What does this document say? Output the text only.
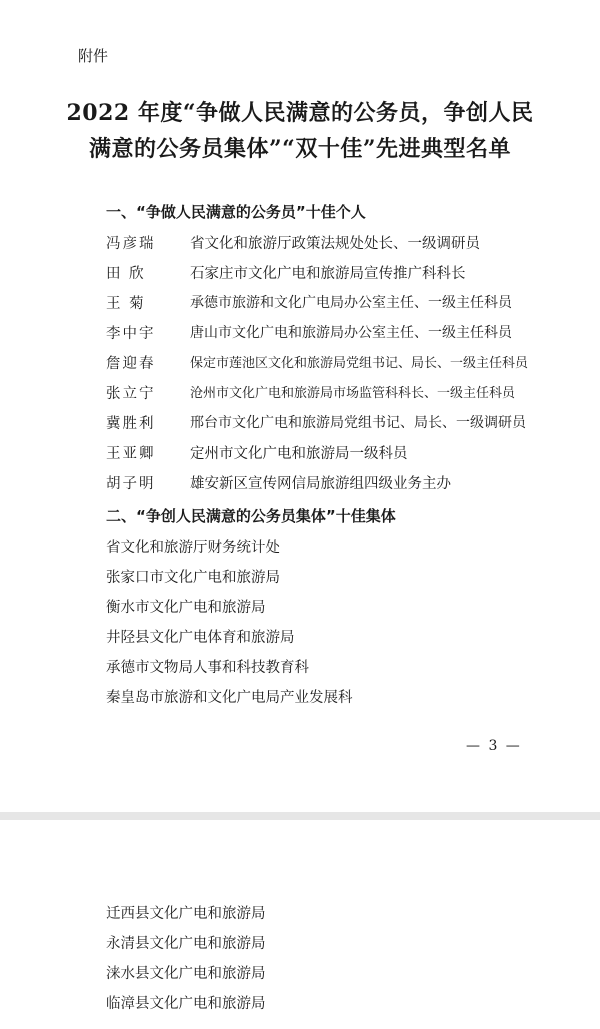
附件
2022 年度“争做人民满意的公务员，争创人民
满意的公务员集体”“双十佳”先进典型名单
一、“争做人民满意的公务员”十佳个人
冯彦瑞 省文化和旅游厅政策法规处处长、一级调研员
田 欣	石家庄市文化广电和旅游局宣传推广科科长
王 菊	承德市旅游和文化广电局办公室主任、一级主任科员
李中宇 唐山市文化广电和旅游局办公室主任、一级主任科员
詹迎春	保定市莲池区文化和旅游局党组书记、局长、一级主任科员
张立宁	沧州市文化广电和旅游局市场监管科科长、一级主任科员
冀胜利 邢台市文化广电和旅游局党组书记、局长、一级调研员
王亚卿 定州市文化广电和旅游局一级科员
胡子明 雄安新区宣传网信局旅游组四级业务主办
二、“争创人民满意的公务员集体”十佳集体
省文化和旅游厅财务统计处
张家口市文化广电和旅游局
衡水市文化广电和旅游局
井陉县文化广电体育和旅游局
承德市文物局人事和科技教育科
秦皇岛市旅游和文化广电局产业发展科
— 3 —
迁西县文化广电和旅游局
永清县文化广电和旅游局
涞水县文化广电和旅游局
临漳县文化广电和旅游局
